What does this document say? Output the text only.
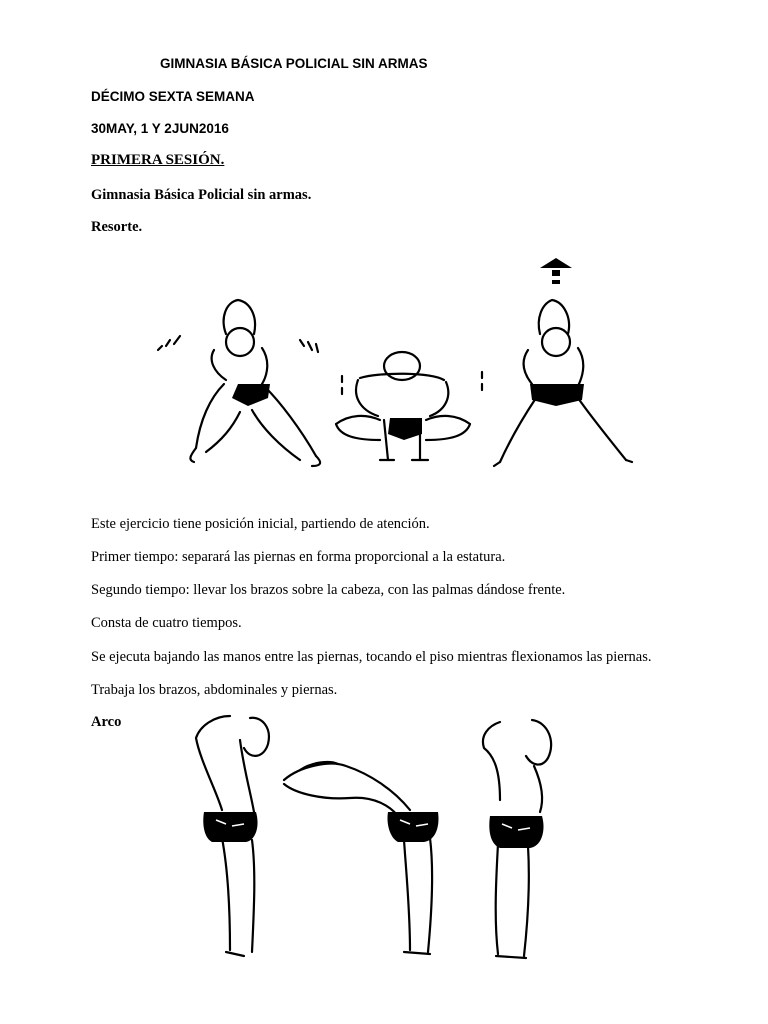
GIMNASIA BÁSICA POLICIAL SIN ARMAS
DÉCIMO SEXTA SEMANA
30MAY, 1 Y 2JUN2016
PRIMERA SESIÓN.
Gimnasia Básica Policial sin armas.
Resorte.
Este ejercicio tiene posición inicial, partiendo de atención.
Primer tiempo: separará las piernas en forma proporcional a la estatura.
Segundo tiempo: llevar los brazos sobre la cabeza, con las palmas dándose frente.
Consta de cuatro tiempos.
Se ejecuta bajando las manos entre las piernas, tocando el piso mientras flexionamos las piernas.
Trabaja los brazos, abdominales y piernas.
Arco
